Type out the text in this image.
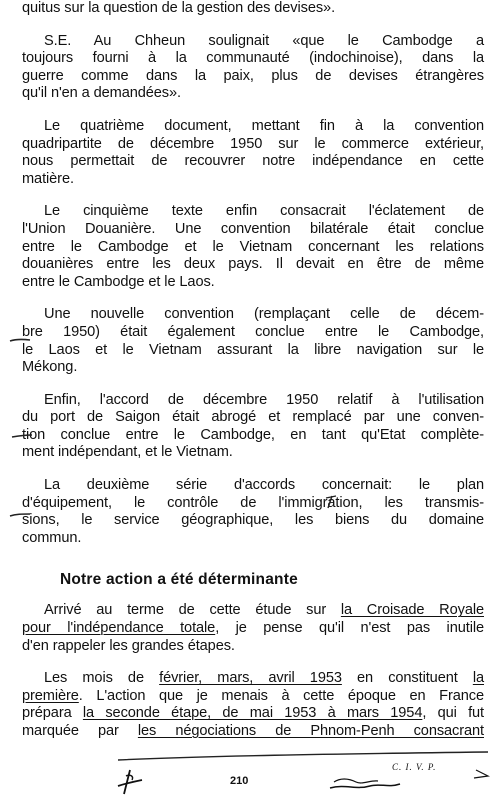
quitus sur la question de la gestion des devises».
S.E. Au Chheun soulignait «que le Cambodge a
toujours fourni à la communauté (indochinoise), dans la
guerre comme dans la paix, plus de devises étrangères
qu'il n'en a demandées».
Le quatrième document, mettant fin à la convention
quadripartite de décembre 1950 sur le commerce extérieur,
nous permettait de recouvrer notre indépendance en cette
matière.
Le cinquième texte enfin consacrait l'éclatement de
l'Union Douanière. Une convention bilatérale était conclue
entre le Cambodge et le Vietnam concernant les relations
douanières entre les deux pays. Il devait en être de même
entre le Cambodge et le Laos.
Une nouvelle convention (remplaçant celle de décem-
bre 1950) était également conclue entre le Cambodge,
le Laos et le Vietnam assurant la libre navigation sur le
Mékong.
Enfin, l'accord de décembre 1950 relatif à l'utilisation
du port de Saigon était abrogé et remplacé par une conven-
tion conclue entre le Cambodge, en tant qu'Etat complète-
ment indépendant, et le Vietnam.
La deuxième série d'accords concernait: le plan
d'équipement, le contrôle de l'immigration, les transmis-
sions, le service géographique, les biens du domaine
commun.
Notre action a été déterminante
Arrivé au terme de cette étude sur la Croisade Royale
pour l'indépendance totale, je pense qu'il n'est pas inutile
d'en rappeler les grandes étapes.
Les mois de février, mars, avril 1953 en constituent la
première. L'action que je menais à cette époque en France
prépara la seconde étape, de mai 1953 à mars 1954, qui fut
marquée par les négociations de Phnom-Penh consacrant
210
C. I. V. P.
